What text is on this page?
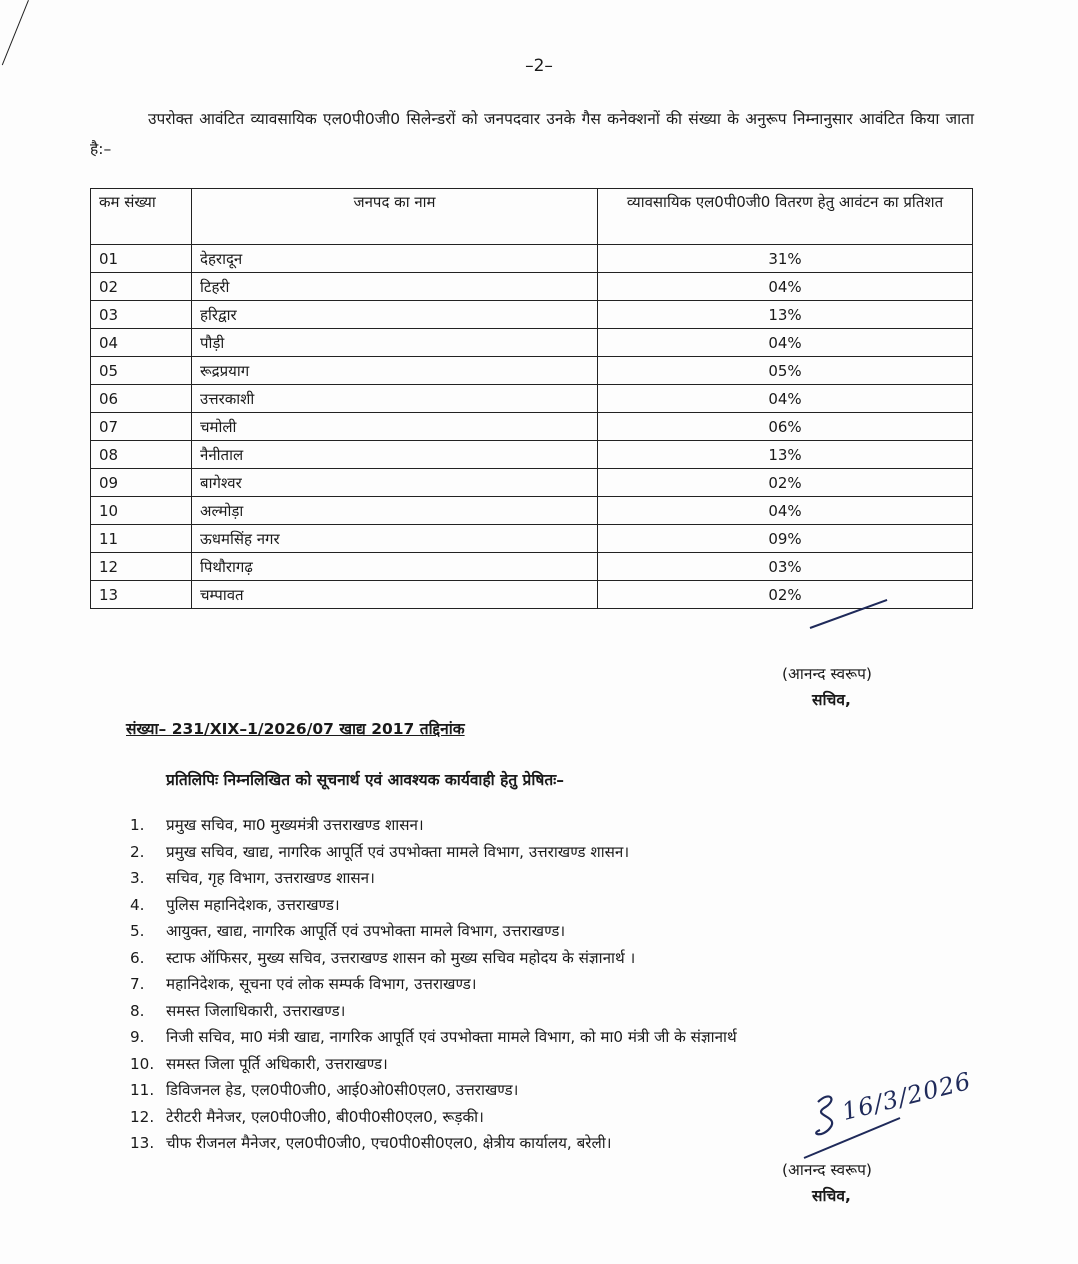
–2–

उपरोक्त आवंटित व्यावसायिक एल0पी0जी0 सिलेन्डरों को जनपदवार उनके गैस कनेक्शनों की संख्या के अनुरूप निम्नानुसार आवंटित किया जाता है:–

कम संख्या	जनपद का नाम	व्यावसायिक एल0पी0जी0 वितरण हेतु आवंटन का प्रतिशत
01	देहरादून	31%
02	टिहरी	04%
03	हरिद्वार	13%
04	पौड़ी	04%
05	रूद्रप्रयाग	05%
06	उत्तरकाशी	04%
07	चमोली	06%
08	नैनीताल	13%
09	बागेश्वर	02%
10	अल्मोड़ा	04%
11	ऊधमसिंह नगर	09%
12	पिथौरागढ़	03%
13	चम्पावत	02%
(आनन्द स्वरूप)
सचिव,
संख्या– 231/XIX–1/2026/07 खाद्य 2017 तद्दिनांक
प्रतिलिपिः निम्नलिखित को सूचनार्थ एवं आवश्यक कार्यवाही हेतु प्रेषितः–
1. प्रमुख सचिव, मा0 मुख्यमंत्री उत्तराखण्ड शासन।
2. प्रमुख सचिव, खाद्य, नागरिक आपूर्ति एवं उपभोक्ता मामले विभाग, उत्तराखण्ड शासन।
3. सचिव, गृह विभाग, उत्तराखण्ड शासन।
4. पुलिस महानिदेशक, उत्तराखण्ड।
5. आयुक्त, खाद्य, नागरिक आपूर्ति एवं उपभोक्ता मामले विभाग, उत्तराखण्ड।
6. स्टाफ ऑफिसर, मुख्य सचिव, उत्तराखण्ड शासन को मुख्य सचिव महोदय के संज्ञानार्थ ।
7. महानिदेशक, सूचना एवं लोक सम्पर्क विभाग, उत्तराखण्ड।
8. समस्त जिलाधिकारी, उत्तराखण्ड।
9. निजी सचिव, मा0 मंत्री खाद्य, नागरिक आपूर्ति एवं उपभोक्ता मामले विभाग, को मा0 मंत्री जी के संज्ञानार्थ
10. समस्त जिला पूर्ति अधिकारी, उत्तराखण्ड।
11. डिविजनल हेड, एल0पी0जी0, आई0ओ0सी0एल0, उत्तराखण्ड।
12. टेरीटरी मैनेजर, एल0पी0जी0, बी0पी0सी0एल0, रूड़की।
13. चीफ रीजनल मैनेजर, एल0पी0जी0, एच0पी0सी0एल0, क्षेत्रीय कार्यालय, बरेली।
16/3/2026
(आनन्द स्वरूप)
सचिव,
